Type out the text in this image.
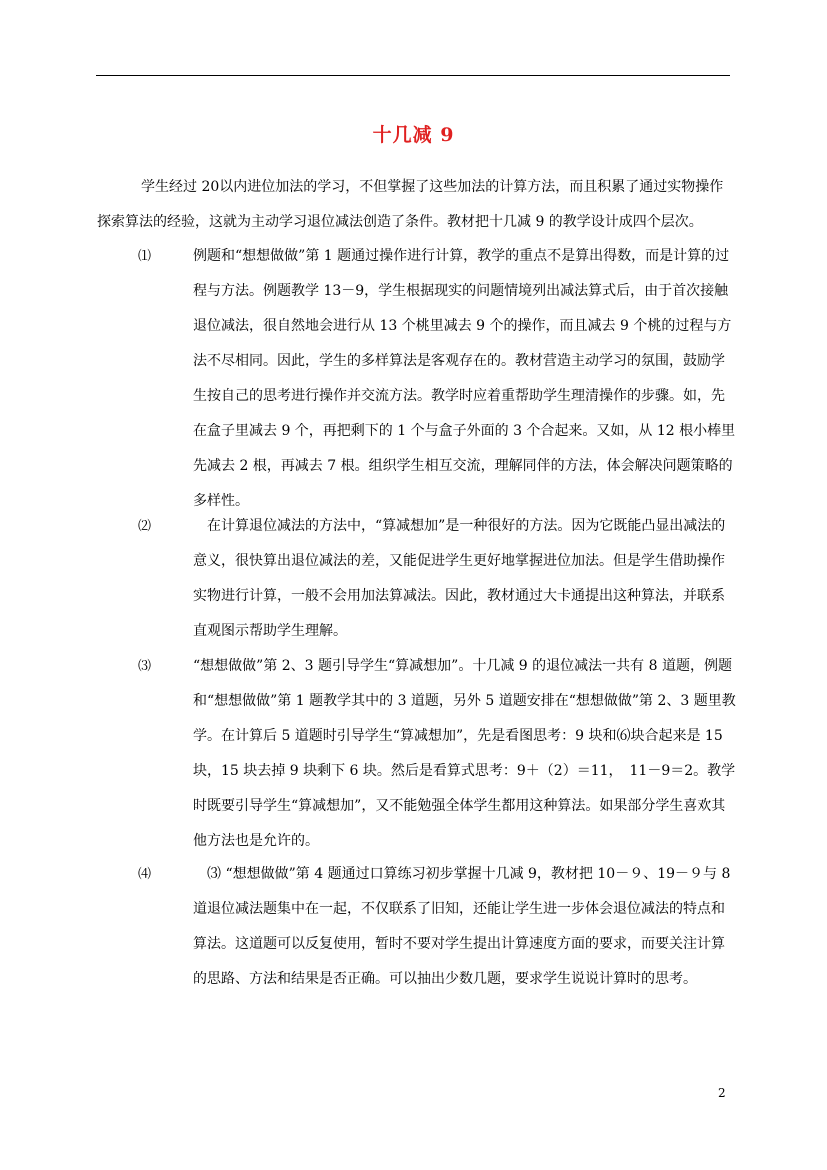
十几减 9
学生经过 20以内进位加法的学习，不但掌握了这些加法的计算方法，而且积累了通过实物操作探索算法的经验，这就为主动学习退位减法创造了条件。教材把十几减 9 的教学设计成四个层次。
⑴	例题和“想想做做”第 1 题通过操作进行计算，教学的重点不是算出得数，而是计算的过程与方法。例题教学 13－9，学生根据现实的问题情境列出减法算式后，由于首次接触退位减法，很自然地会进行从 13 个桃里减去 9 个的操作，而且减去 9 个桃的过程与方法不尽相同。因此，学生的多样算法是客观存在的。教材营造主动学习的氛围，鼓励学生按自己的思考进行操作并交流方法。教学时应着重帮助学生理清操作的步骤。如，先在盒子里减去 9 个，再把剩下的 1 个与盒子外面的 3 个合起来。又如，从 12 根小棒里先减去 2 根，再减去 7 根。组织学生相互交流，理解同伴的方法，体会解决问题策略的多样性。
⑵	　在计算退位减法的方法中，“算减想加”是一种很好的方法。因为它既能凸显出减法的意义，很快算出退位减法的差，又能促进学生更好地掌握进位加法。但是学生借助操作实物进行计算，一般不会用加法算减法。因此，教材通过大卡通提出这种算法，并联系直观图示帮助学生理解。
⑶	“想想做做”第 2、3 题引导学生“算减想加”。十几减 9 的退位减法一共有 8 道题，例题和“想想做做”第 1 题教学其中的 3 道题，另外 5 道题安排在“想想做做”第 2、3 题里教学。在计算后 5 道题时引导学生“算减想加”，先是看图思考：9 块和⑹块合起来是 15 块，15 块去掉 9 块剩下 6 块。然后是看算式思考：9＋（2）＝11，　11－9＝2。教学时既要引导学生“算减想加”，又不能勉强全体学生都用这种算法。如果部分学生喜欢其他方法也是允许的。
⑷	　⑶ “想想做做”第 4 题通过口算练习初步掌握十几减 9，教材把 10－９、19－９与 8 道退位减法题集中在一起，不仅联系了旧知，还能让学生进一步体会退位减法的特点和算法。这道题可以反复使用，暂时不要对学生提出计算速度方面的要求，而要关注计算的思路、方法和结果是否正确。可以抽出少数几题，要求学生说说计算时的思考。
2
